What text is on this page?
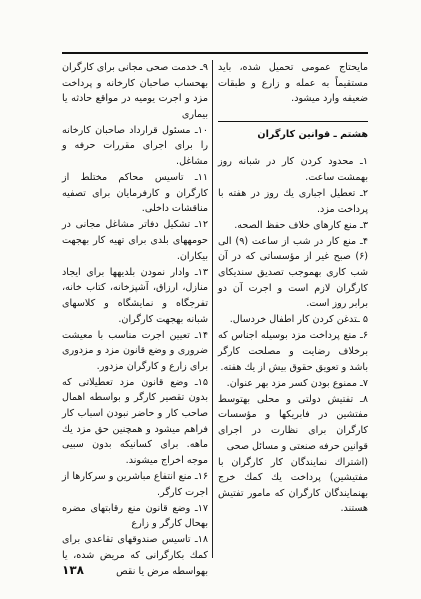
مایحتاج عمومی تحمیل شده، باید مستقیماً به عمله و زارع و طبقات ضعیفه وارد میشود.

هشتم ـ قوانین کارگران

۱ـ محدود کردن کار در شبانه روز بهمشت ساعت.

۲ـ تعطیل اجباری یك روز در هفته با پرداخت مزد.

۳ـ منع کارهای خلاف حفظ الصحه.

۴ـ منع کار در شب از ساعت (۹) الی (۶) صبح غیر از مؤسساتی که در آن شب کاری بهموجب تصدیق سندیکای کارگران لازم است و اجرت آن دو برابر روز است.

۵ ـتدغن کردن کار اطفال خردسال.

۶ـ منع پرداخت مزد بوسیله اجناس که برخلاف رضایت و مصلحت کارگر باشد و تعویق حقوق بیش از یك هفته.

۷ـ ممنوع بودن کسر مزد بهر عنوان.

۸ـ تفتیش دولتی و محلی بهتوسط مفتشین در فابریکها و مؤسسات کارگران برای نظارت در اجرای قوانین حرفه صنعتی و مسائل صحی

(اشتراك نمایندگان کار کارگران با مفتیشین) پرداخت یك کمك خرج بهنمایندگان کارگران که مامور تفتیش هستند.

۹ـ خدمت صحی مجانی برای کارگران بهحساب صاحبان کارخانه و پرداخت مزد و اجرت یومیه در مواقع حادثه یا بیماری

۱۰ـ مسئول قرارداد صاحبان کارخانه را برای اجرای مقررات حرفه و مشاغل.

۱۱ـ تاسیس محاکم مختلط از کارگران و کارفرمایان برای تصفیه مناقشات داخلی.

۱۲ـ تشکیل دفاتر مشاغل مجانی در حومههای بلدی برای تهیه کار بهجهت بیکاران.

۱۳ـ وادار نمودن بلدیهها برای ایجاد منازل، ارزاق، آشپزخانه، کتاب خانه، تفرجگاه و نمایشگاه و کلاسهای شبانه بهجهت کارگران.

۱۴ـ تعیین اجرت مناسب با معیشت ضروری و وضع قانون مزد و مزدوری برای زارع و کارگران مزدور.

۱۵ـ وضع قانون مزد تعطیلاتی که بدون تقصیر کارگر و بواسطه اهمال صاحب کار و حاضر نبودن اسباب کار فراهم میشود و همچنین حق مزد یك ماهه. برای کسانیکه بدون سبیی موجه اخراج میشوند.

۱۶ـ منع انتفاع مباشرین و سرکارها از اجرت کارگر.

۱۷ـ وضع قانون منع رقابتهای مضره بهحال کارگر و زارع

۱۸ـ تاسیس صندوقهای تقاعدی برای کمك بکارگرانی که مریض شده، یا بهواسطه مرض یا نقص

۱۳۸
